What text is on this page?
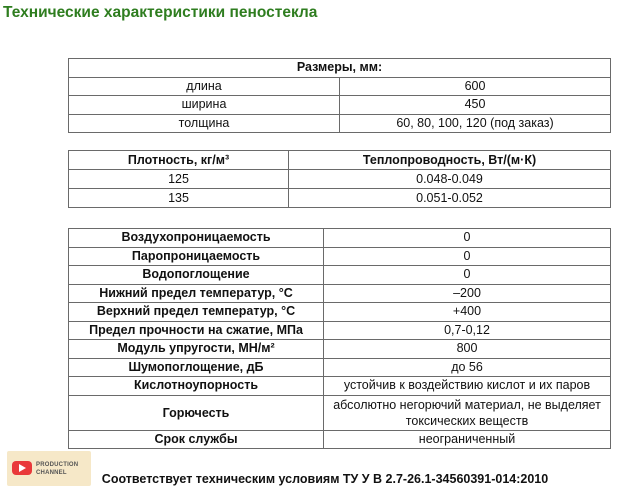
Технические характеристики пеностекла
Размеры, мм:	
длина	600
ширина	450
толщина	60, 80, 100, 120 (под заказ)
Плотность, кг/м³	Теплопроводность, Вт/(м·К)
125	0.048-0.049
135	0.051-0.052
Воздухопроницаемость	0
Паропроницаемость	0
Водопоглощение	0
Нижний предел температур, °С	–200
Верхний предел температур, °С	+400
Предел прочности на сжатие, МПа	0,7-0,12
Модуль упругости, МН/м²	800
Шумопоглощение, дБ	до 56
Кислотноупорность	устойчив к воздействию кислот и их паров
Горючесть	абсолютно негорючий материал, не выделяет токсических веществ
Срок службы	неограниченный
PRODUCTION
CHANNEL	Соответствует техническим условиям ТУ У В 2.7-26.1-34560391-014:2010
